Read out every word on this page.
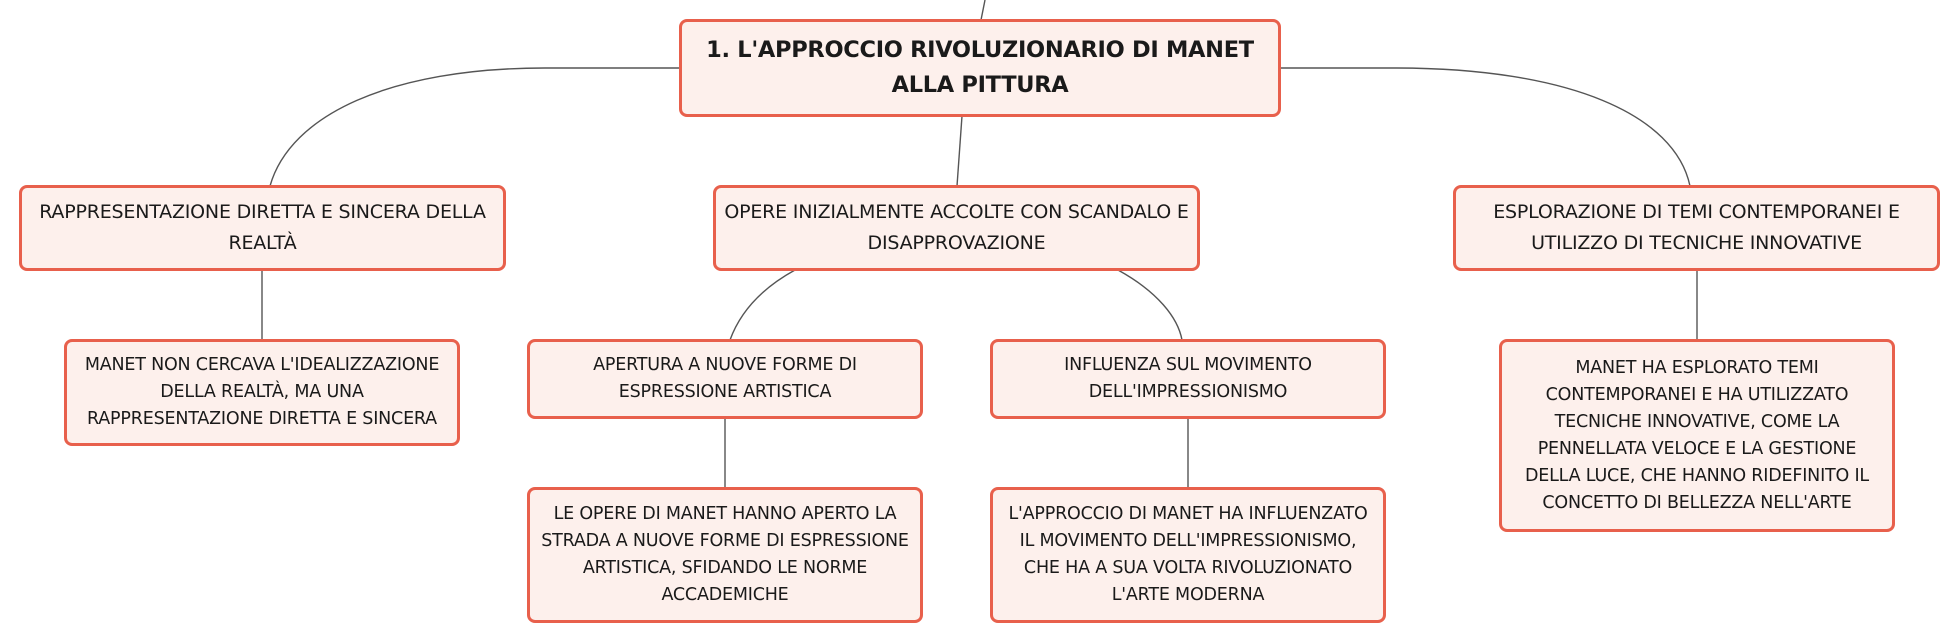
1. L'APPROCCIO RIVOLUZIONARIO DI MANET ALLA PITTURA
RAPPRESENTAZIONE DIRETTA E SINCERA DELLA REALTÀ
OPERE INIZIALMENTE ACCOLTE CON SCANDALO E DISAPPROVAZIONE
ESPLORAZIONE DI TEMI CONTEMPORANEI E UTILIZZO DI TECNICHE INNOVATIVE
MANET NON CERCAVA L'IDEALIZZAZIONE DELLA REALTÀ, MA UNA RAPPRESENTAZIONE DIRETTA E SINCERA
APERTURA A NUOVE FORME DI ESPRESSIONE ARTISTICA
INFLUENZA SUL MOVIMENTO DELL'IMPRESSIONISMO
LE OPERE DI MANET HANNO APERTO LA STRADA A NUOVE FORME DI ESPRESSIONE ARTISTICA, SFIDANDO LE NORME ACCADEMICHE
L'APPROCCIO DI MANET HA INFLUENZATO IL MOVIMENTO DELL'IMPRESSIONISMO, CHE HA A SUA VOLTA RIVOLUZIONATO L'ARTE MODERNA
MANET HA ESPLORATO TEMI CONTEMPORANEI E HA UTILIZZATO TECNICHE INNOVATIVE, COME LA PENNELLATA VELOCE E LA GESTIONE DELLA LUCE, CHE HANNO RIDEFINITO IL CONCETTO DI BELLEZZA NELL'ARTE
